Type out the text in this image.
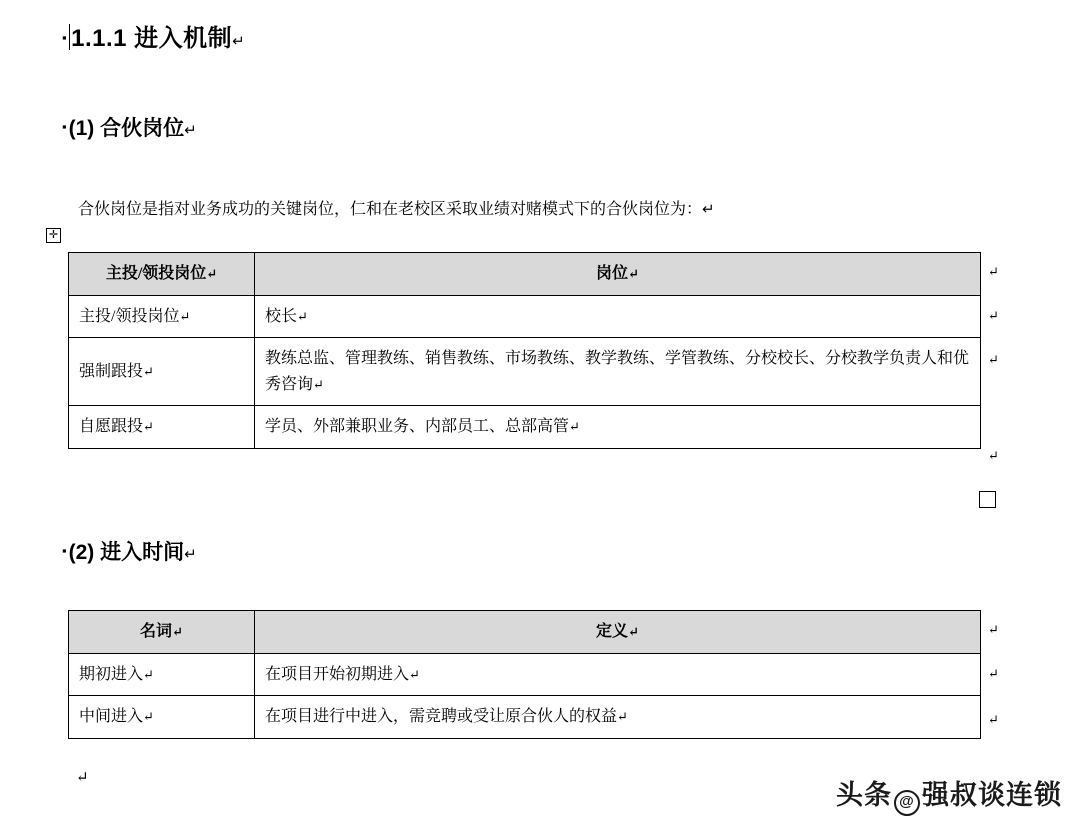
▪ 1.1.1 进入机制↵
▪(1) 合伙岗位↵
合伙岗位是指对业务成功的关键岗位，仁和在老校区采取业绩对赌模式下的合伙岗位为：↵
✛
主投/领投岗位↵	岗位↵
主投/领投岗位↵	校长↵
强制跟投↵	教练总监、管理教练、销售教练、市场教练、教学教练、学管教练、分校校长、分校教学负责人和优秀咨询↵
自愿跟投↵	学员、外部兼职业务、内部员工、总部高管↵
↵
↵
↵
↵
▪(2) 进入时间↵
名词↵	定义↵
期初进入↵	在项目开始初期进入↵
中间进入↵	在项目进行中进入，需竞聘或受让原合伙人的权益↵
↵
↵
↵
↵
头条 @ 强叔谈连锁
